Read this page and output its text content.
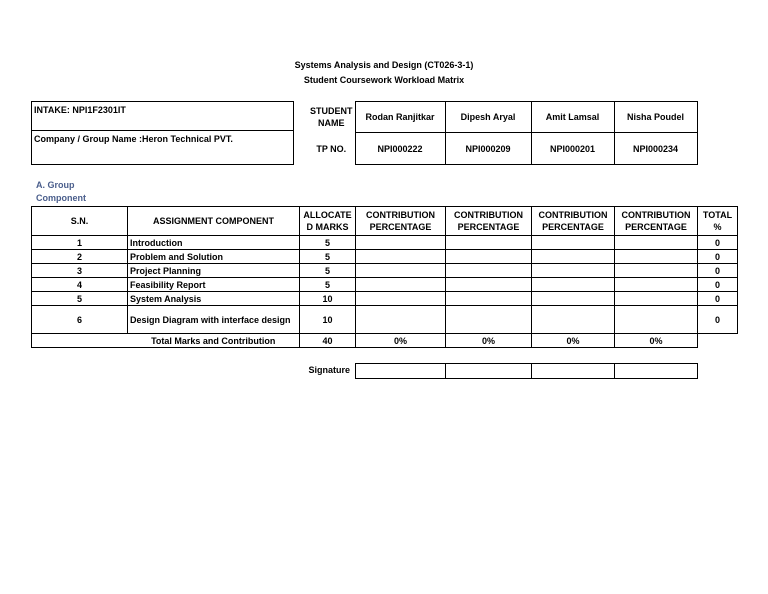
Systems Analysis and Design (CT026-3-1)
Student Coursework Workload Matrix
INTAKE: NPI1F2301IT
Company / Group Name :Heron Technical PVT.
STUDENT NAME	Rodan Ranjitkar	Dipesh Aryal	Amit Lamsal	Nisha Poudel
TP NO.	NPI000222	NPI000209	NPI000201	NPI000234
A. Group Component
S.N.	ASSIGNMENT COMPONENT	ALLOCATE D MARKS	CONTRIBUTION PERCENTAGE	CONTRIBUTION PERCENTAGE	CONTRIBUTION PERCENTAGE	CONTRIBUTION PERCENTAGE	TOTAL %
1	Introduction	5					0
2	Problem and Solution	5					0
3	Project Planning	5					0
4	Feasibility Report	5					0
5	System Analysis	10					0
6	Design Diagram with interface design	10					0
	Total Marks and Contribution	40	0%	0%	0%	0%	
Signature
